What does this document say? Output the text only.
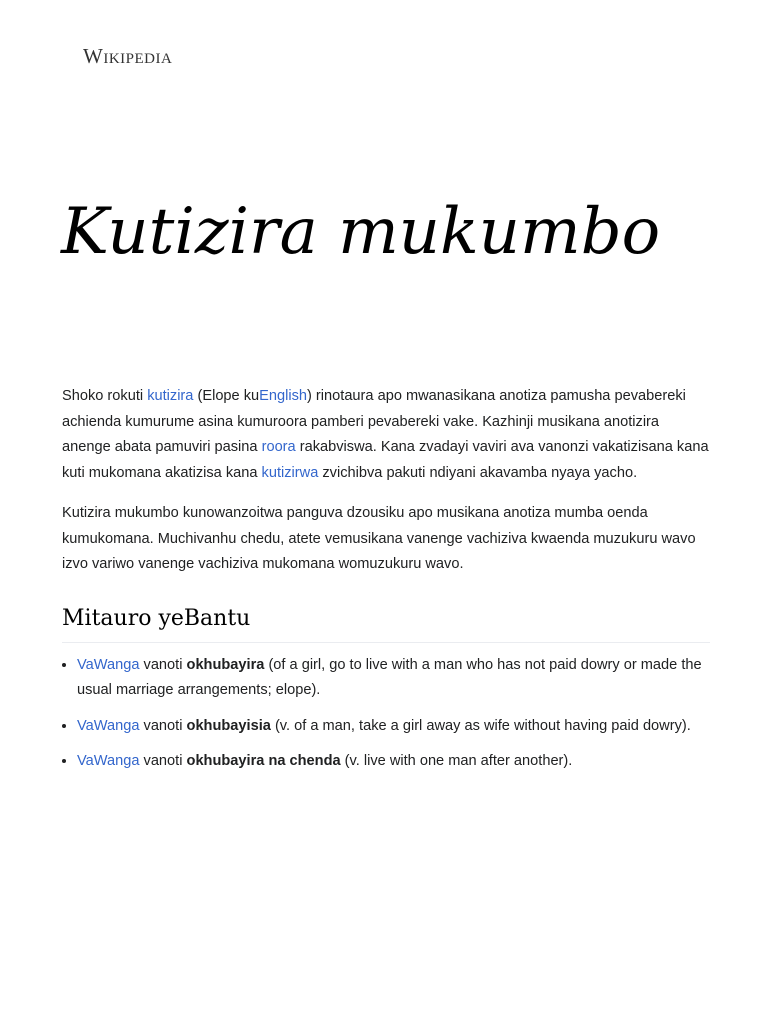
Wikipedia
Kutizira mukumbo

Shoko rokuti kutizira (Elope kuEnglish) rinotaura apo mwanasikana anotiza pamusha pevabereki achienda kumurume asina kumuroora pamberi pevabereki vake. Kazhinji musikana anotizira anenge abata pamuviri pasina roora rakabviswa. Kana zvadayi vaviri ava vanonzi vakatizisana kana kuti mukomana akatizisa kana kutizirwa zvichibva pakuti ndiyani akavamba nyaya yacho.

Kutizira mukumbo kunowanzoitwa panguva dzousiku apo musikana anotiza mumba oenda kumukomana. Muchivanhu chedu, atete vemusikana vanenge vachiziva kwaenda muzukuru wavo izvo variwo vanenge vachiziva mukomana womuzukuru wavo.

Mitauro yeBantu
• VaWanga vanoti okhubayira (of a girl, go to live with a man who has not paid dowry or made the usual marriage arrangements; elope).
• VaWanga vanoti okhubayisia (v. of a man, take a girl away as wife without having paid dowry).
• VaWanga vanoti okhubayira na chenda (v. live with one man after another).
